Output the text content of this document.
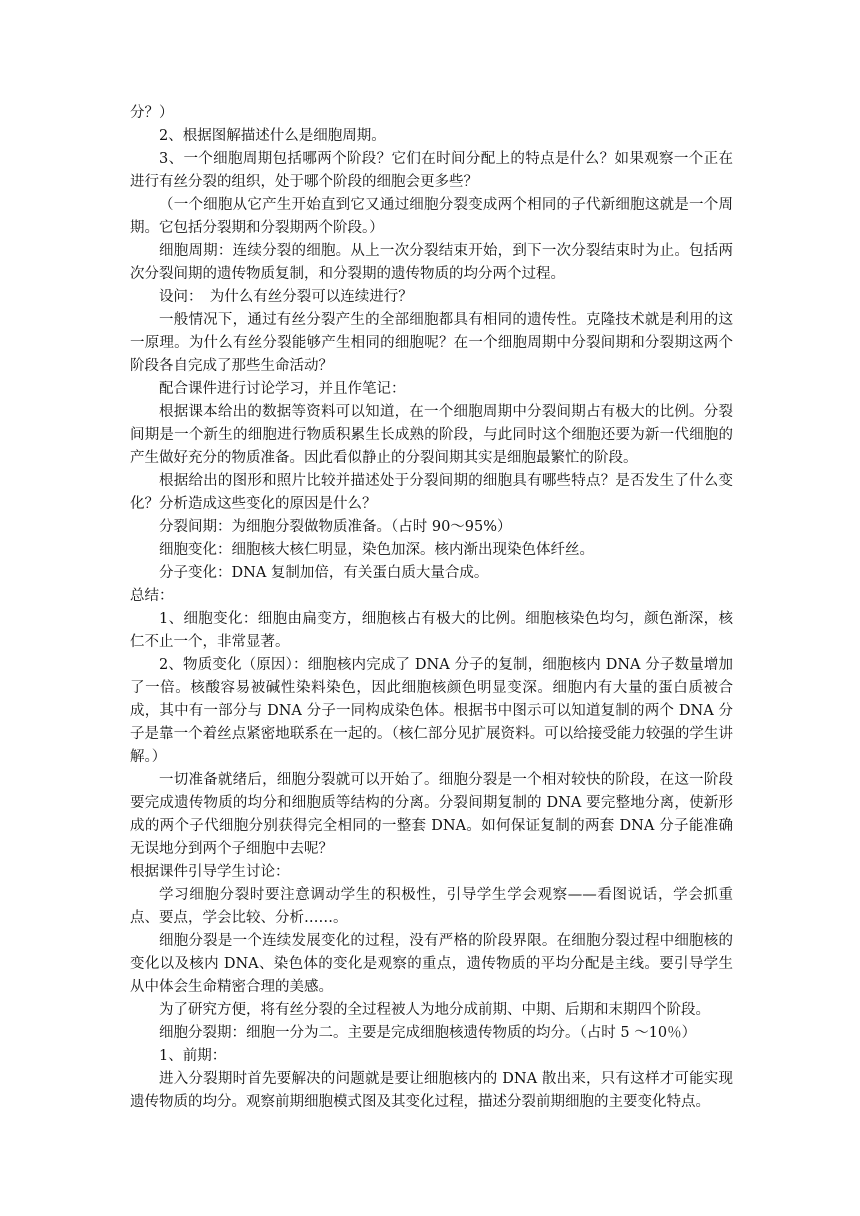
分？）

2、根据图解描述什么是细胞周期。

3、一个细胞周期包括哪两个阶段？它们在时间分配上的特点是什么？如果观察一个正在进行有丝分裂的组织，处于哪个阶段的细胞会更多些？

（一个细胞从它产生开始直到它又通过细胞分裂变成两个相同的子代新细胞这就是一个周期。它包括分裂期和分裂期两个阶段。）

细胞周期：连续分裂的细胞。从上一次分裂结束开始，到下一次分裂结束时为止。包括两次分裂间期的遗传物质复制，和分裂期的遗传物质的均分两个过程。

设问：　为什么有丝分裂可以连续进行？

一般情况下，通过有丝分裂产生的全部细胞都具有相同的遗传性。克隆技术就是利用的这一原理。为什么有丝分裂能够产生相同的细胞呢？在一个细胞周期中分裂间期和分裂期这两个阶段各自完成了那些生命活动？

配合课件进行讨论学习，并且作笔记：

根据课本给出的数据等资料可以知道，在一个细胞周期中分裂间期占有极大的比例。分裂间期是一个新生的细胞进行物质积累生长成熟的阶段，与此同时这个细胞还要为新一代细胞的产生做好充分的物质准备。因此看似静止的分裂间期其实是细胞最繁忙的阶段。

根据给出的图形和照片比较并描述处于分裂间期的细胞具有哪些特点？是否发生了什么变化？分析造成这些变化的原因是什么？

分裂间期：为细胞分裂做物质准备。（占时 90～95%）

细胞变化：细胞核大核仁明显，染色加深。核内渐出现染色体纤丝。

分子变化：DNA 复制加倍，有关蛋白质大量合成。

总结：

1、细胞变化：细胞由扁变方，细胞核占有极大的比例。细胞核染色均匀，颜色渐深，核仁不止一个，非常显著。

2、物质变化（原因）：细胞核内完成了 DNA 分子的复制，细胞核内 DNA 分子数量增加了一倍。核酸容易被碱性染料染色，因此细胞核颜色明显变深。细胞内有大量的蛋白质被合成，其中有一部分与 DNA 分子一同构成染色体。根据书中图示可以知道复制的两个 DNA 分子是靠一个着丝点紧密地联系在一起的。（核仁部分见扩展资料。可以给接受能力较强的学生讲解。）

一切准备就绪后，细胞分裂就可以开始了。细胞分裂是一个相对较快的阶段，在这一阶段要完成遗传物质的均分和细胞质等结构的分离。分裂间期复制的 DNA 要完整地分离，使新形成的两个子代细胞分别获得完全相同的一整套 DNA。如何保证复制的两套 DNA 分子能准确无误地分到两个子细胞中去呢？

根据课件引导学生讨论：

学习细胞分裂时要注意调动学生的积极性，引导学生学会观察——看图说话，学会抓重点、要点，学会比较、分析……。

细胞分裂是一个连续发展变化的过程，没有严格的阶段界限。在细胞分裂过程中细胞核的变化以及核内 DNA、染色体的变化是观察的重点，遗传物质的平均分配是主线。要引导学生从中体会生命精密合理的美感。

为了研究方便，将有丝分裂的全过程被人为地分成前期、中期、后期和末期四个阶段。

细胞分裂期：细胞一分为二。主要是完成细胞核遗传物质的均分。（占时 5 ～10％）

1、前期：

进入分裂期时首先要解决的问题就是要让细胞核内的 DNA 散出来，只有这样才可能实现遗传物质的均分。观察前期细胞模式图及其变化过程，描述分裂前期细胞的主要变化特点。
